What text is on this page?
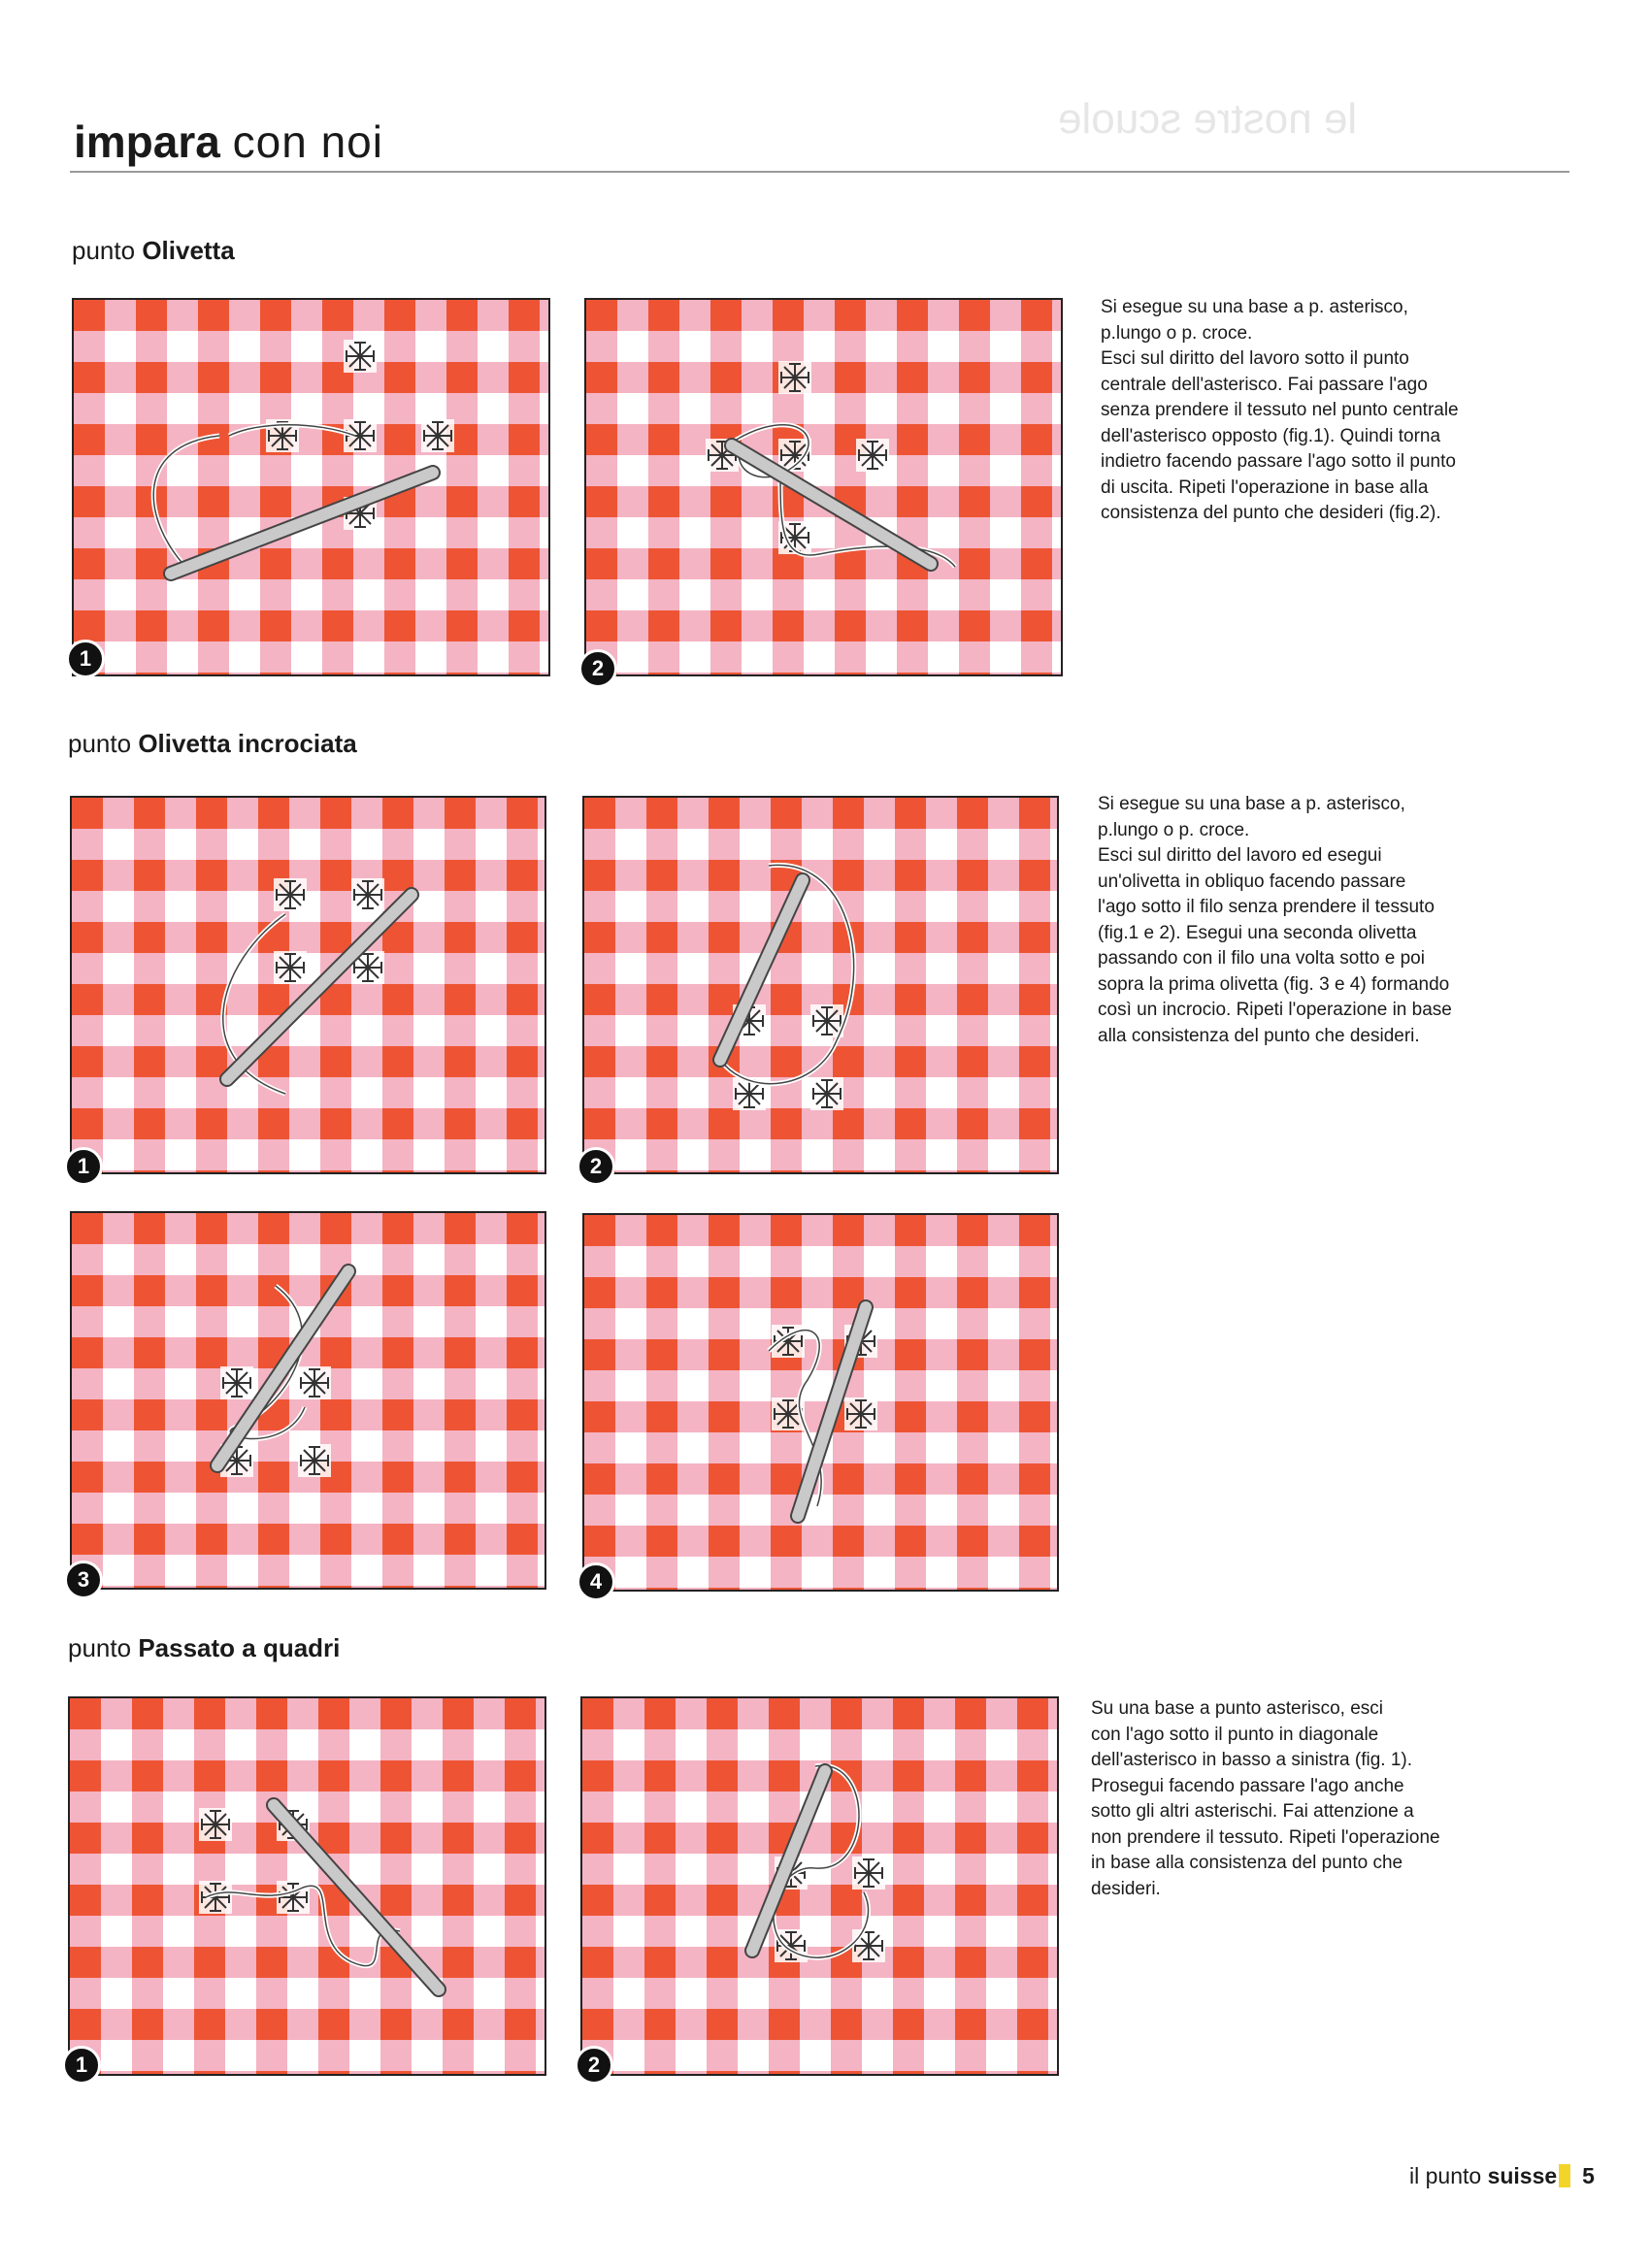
le nostre scuole
impara con noi
punto Olivetta
1	2
Si esegue su una base a p. asterisco,
p.lungo o p. croce.
Esci sul diritto del lavoro sotto il punto
centrale dell'asterisco. Fai passare l'ago
senza prendere il tessuto nel punto centrale
dell'asterisco opposto (fig.1). Quindi torna
indietro facendo passare l'ago sotto il punto
di uscita. Ripeti l'operazione in base alla
consistenza del punto che desideri (fig.2).
punto Olivetta incrociata
1	2
Si esegue su una base a p. asterisco,
p.lungo o p. croce.
Esci sul diritto del lavoro ed esegui
un'olivetta in obliquo facendo passare
l'ago sotto il filo senza prendere il tessuto
(fig.1 e 2). Esegui una seconda olivetta
passando con il filo una volta sotto e poi
sopra la prima olivetta (fig. 3 e 4) formando
così un incrocio. Ripeti l'operazione in base
alla consistenza del punto che desideri.
3	4
punto Passato a quadri
1	2
Su una base a punto asterisco, esci
con l'ago sotto il punto in diagonale
dell'asterisco in basso a sinistra (fig. 1).
Prosegui facendo passare l'ago anche
sotto gli altri asterischi. Fai attenzione a
non prendere il tessuto. Ripeti l'operazione
in base alla consistenza del punto che
desideri.
il punto suisse 5
